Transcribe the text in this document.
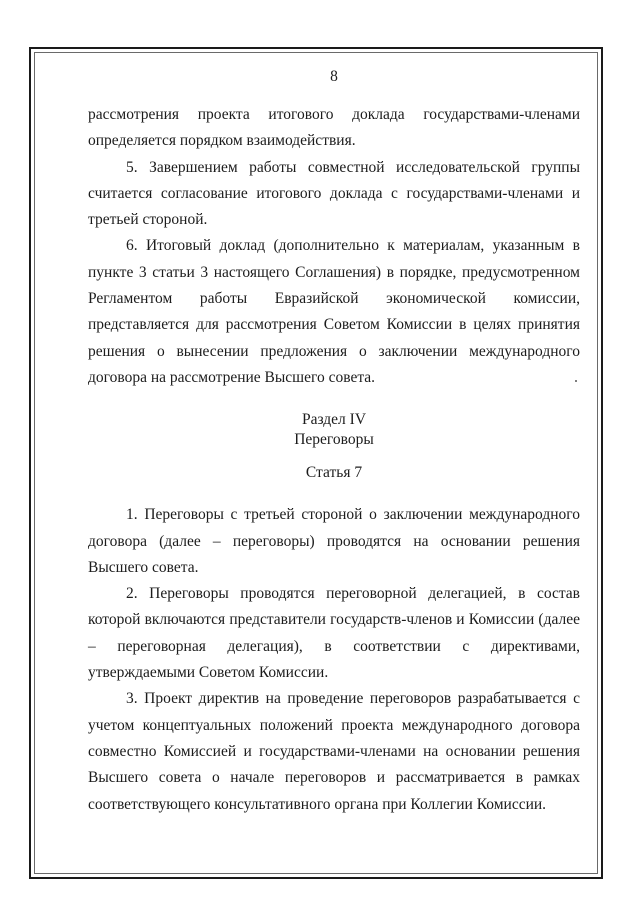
8

рассмотрения проекта итогового доклада государствами-членами определяется порядком взаимодействия.

5. Завершением работы совместной исследовательской группы считается согласование итогового доклада с государствами-членами и третьей стороной.

6. Итоговый доклад (дополнительно к материалам, указанным в пункте 3 статьи 3 настоящего Соглашения) в порядке, предусмотренном Регламентом работы Евразийской экономической комиссии, представляется для рассмотрения Советом Комиссии в целях принятия решения о вынесении предложения о заключении международного договора на рассмотрение Высшего совета.

Раздел IV
Переговоры
Статья 7

1. Переговоры с третьей стороной о заключении международного договора (далее – переговоры) проводятся на основании решения Высшего совета.

2. Переговоры проводятся переговорной делегацией, в состав которой включаются представители государств-членов и Комиссии (далее – переговорная делегация), в соответствии с директивами, утверждаемыми Советом Комиссии.

3. Проект директив на проведение переговоров разрабатывается с учетом концептуальных положений проекта международного договора совместно Комиссией и государствами-членами на основании решения Высшего совета о начале переговоров и рассматривается в рамках соответствующего консультативного органа при Коллегии Комиссии.
